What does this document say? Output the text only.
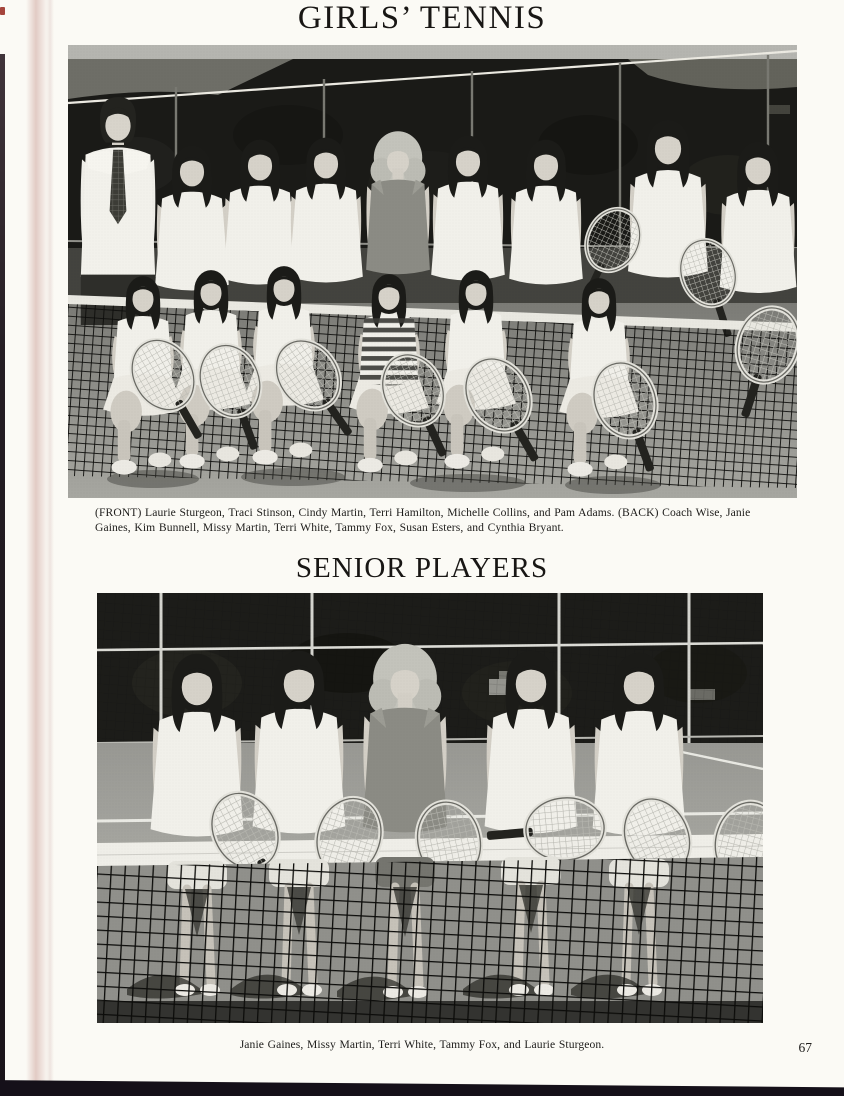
GIRLS’ TENNIS
(FRONT) Laurie Sturgeon, Traci Stinson, Cindy Martin, Terri Hamilton, Michelle Collins, and Pam Adams. (BACK) Coach Wise, Janie
Gaines, Kim Bunnell, Missy Martin, Terri White, Tammy Fox, Susan Esters, and Cynthia Bryant.
SENIOR PLAYERS
Janie Gaines, Missy Martin, Terri White, Tammy Fox, and Laurie Sturgeon.	67
